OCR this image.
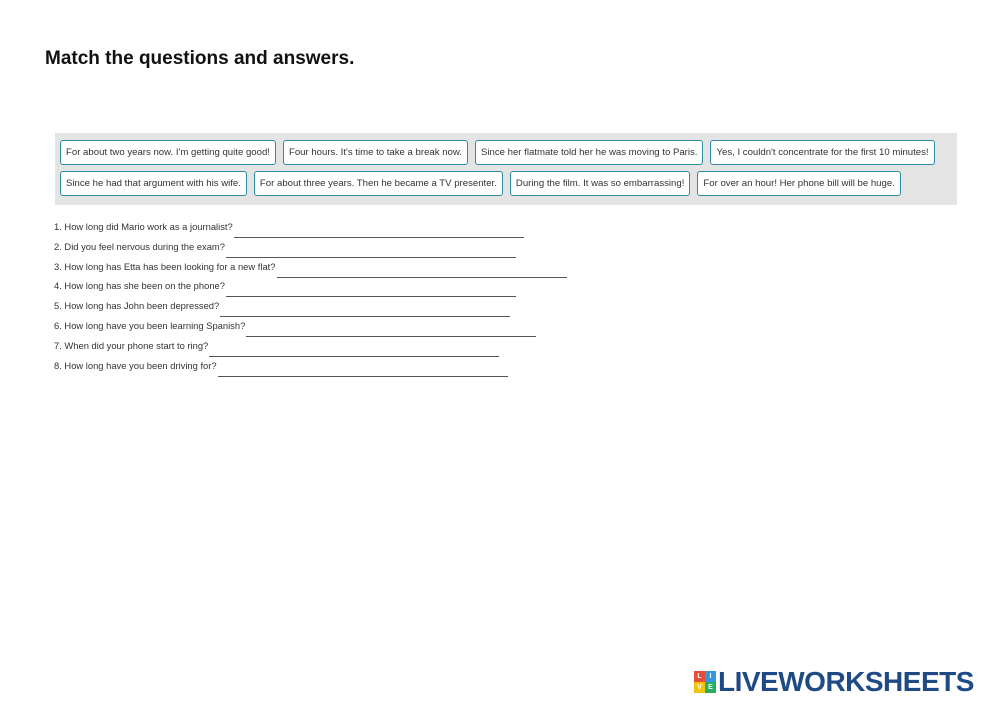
Match the questions and answers.
For about two years now. I'm getting quite good!	Four hours. It's time to take a break now.	Since her flatmate told her he was moving to Paris.	Yes, I couldn't concentrate for the first 10 minutes!
Since he had that argument with his wife.	For about three years. Then he became a TV presenter.	During the film. It was so embarrassing!	For over an hour! Her phone bill will be huge.
1. How long did Mario work as a journalist?
2. Did you feel nervous during the exam?
3. How long has Etta has been looking for a new flat?
4. How long has she been on the phone?
5. How long has John been depressed?
6. How long have you been learning Spanish?
7. When did your phone start to ring?
8. How long have you been driving for?
L	I
V E LIVEWORKSHEETS
